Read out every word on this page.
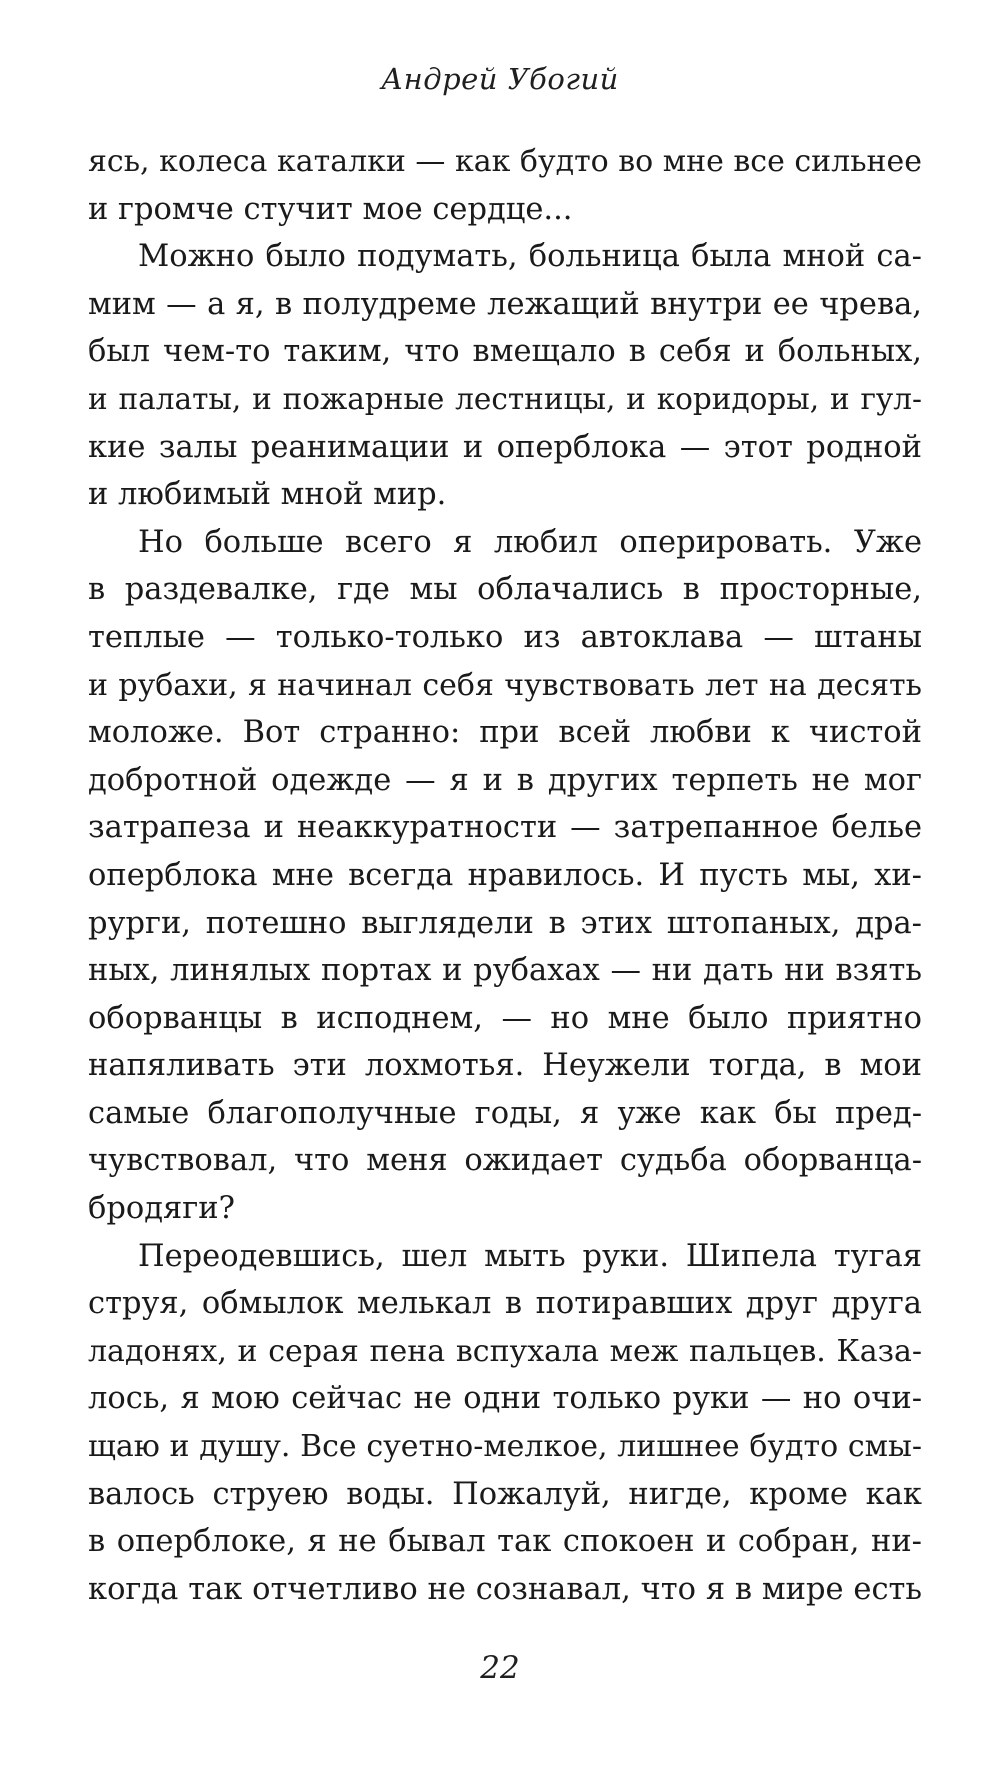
Андрей Убогий
ясь, колеса каталки — как будто во мне все сильнее
и громче стучит мое сердце...
Можно было подумать, больница была мной са-
мим — а я, в полудреме лежащий внутри ее чрева,
был чем-то таким, что вмещало в себя и больных,
и палаты, и пожарные лестницы, и коридоры, и гул-
кие залы реанимации и оперблока — этот родной
и любимый мной мир.
Но больше всего я любил оперировать. Уже
в раздевалке, где мы облачались в просторные,
теплые — только-только из автоклава — штаны
и рубахи, я начинал себя чувствовать лет на десять
моложе. Вот странно: при всей любви к чистой
добротной одежде — я и в других терпеть не мог
затрапеза и неаккуратности — затрепанное белье
оперблока мне всегда нравилось. И пусть мы, хи-
рурги, потешно выглядели в этих штопаных, дра-
ных, линялых портах и рубахах — ни дать ни взять
оборванцы в исподнем, — но мне было приятно
напяливать эти лохмотья. Неужели тогда, в мои
самые благополучные годы, я уже как бы пред-
чувствовал, что меня ожидает судьба оборванца-
бродяги?
Переодевшись, шел мыть руки. Шипела тугая
струя, обмылок мелькал в потиравших друг друга
ладонях, и серая пена вспухала меж пальцев. Каза-
лось, я мою сейчас не одни только руки — но очи-
щаю и душу. Все суетно-мелкое, лишнее будто смы-
валось струею воды. Пожалуй, нигде, кроме как
в оперблоке, я не бывал так спокоен и собран, ни-
когда так отчетливо не сознавал, что я в мире есть
22
